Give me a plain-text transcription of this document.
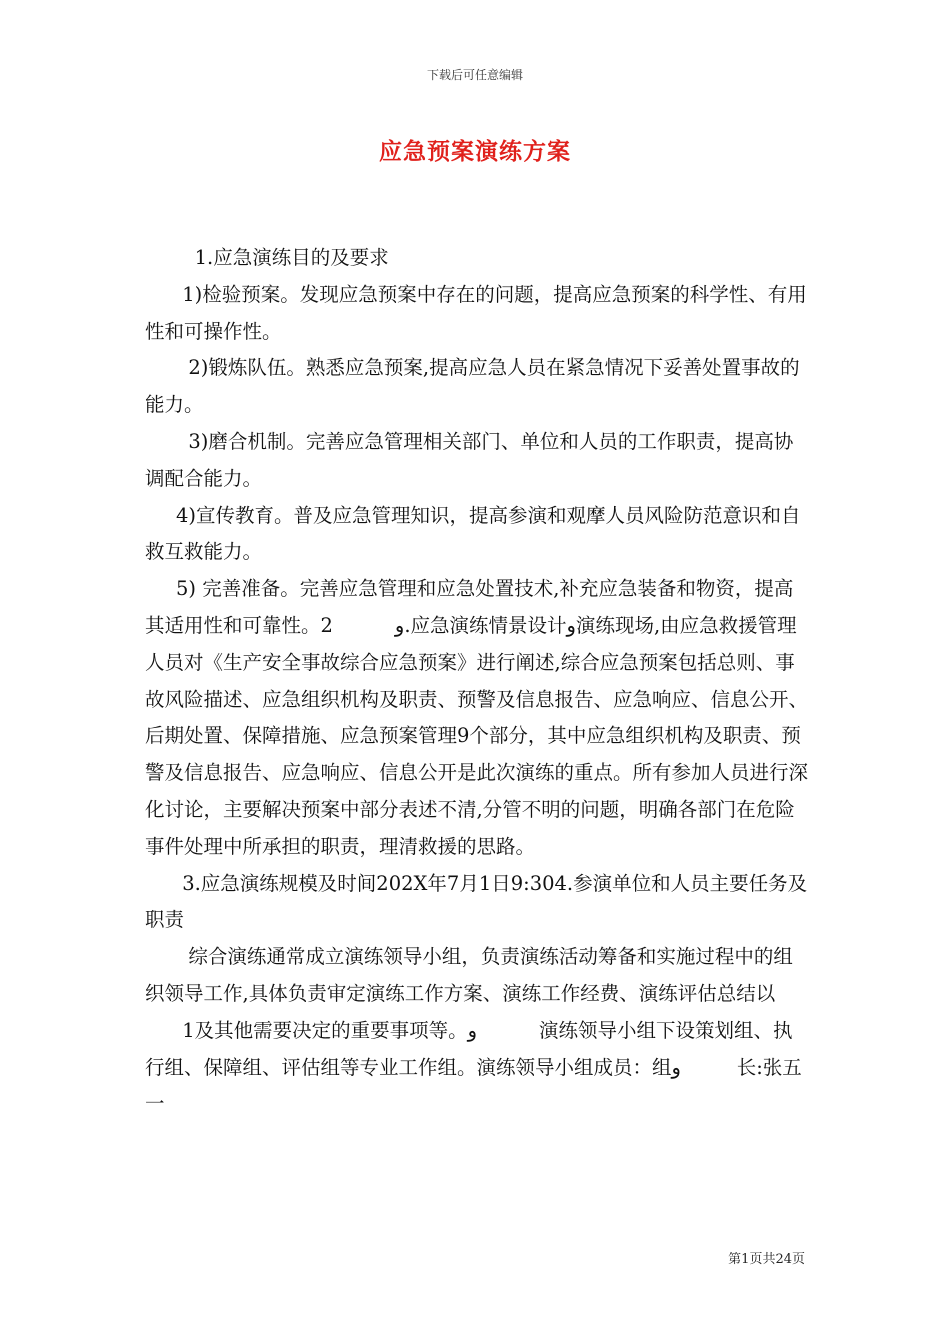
下载后可任意编辑
应急预案演练方案

1.应急演练目的及要求

1)检验预案。发现应急预案中存在的问题，提高应急预案的科学性、有用性和可操作性。

2)锻炼队伍。熟悉应急预案,提高应急人员在紧急情况下妥善处置事故的能力。

3)磨合机制。完善应急管理相关部门、单位和人员的工作职责，提高协调配合能力。

4)宣传教育。普及应急管理知识，提高参演和观摩人员风险防范意识和自救互救能力。

5) 完善准备。完善应急管理和应急处置技术,补充应急装备和物资，提高其适用性和可靠性。2          و.应急演练情景设计و演练现场,由应急救援管理人员对《生产安全事故综合应急预案》进行阐述,综合应急预案包括总则、事故风险描述、应急组织机构及职责、预警及信息报告、应急响应、信息公开、后期处置、保障措施、应急预案管理9个部分，其中应急组织机构及职责、预警及信息报告、应急响应、信息公开是此次演练的重点。所有参加人员进行深化讨论，主要解决预案中部分表述不清,分管不明的问题，明确各部门在危险事件处理中所承担的职责，理清救援的思路。

3.应急演练规模及时间202X年7月1日9:304.参演单位和人员主要任务及职责

综合演练通常成立演练领导小组，负责演练活动筹备和实施过程中的组织领导工作,具体负责审定演练工作方案、演练工作经费、演练评估总结以

1及其他需要决定的重要事项等。و          演练领导小组下设策划组、执行组、保障组、评估组等专业工作组。演练领导小组成员：组و         长:张五一

第1页共24页
